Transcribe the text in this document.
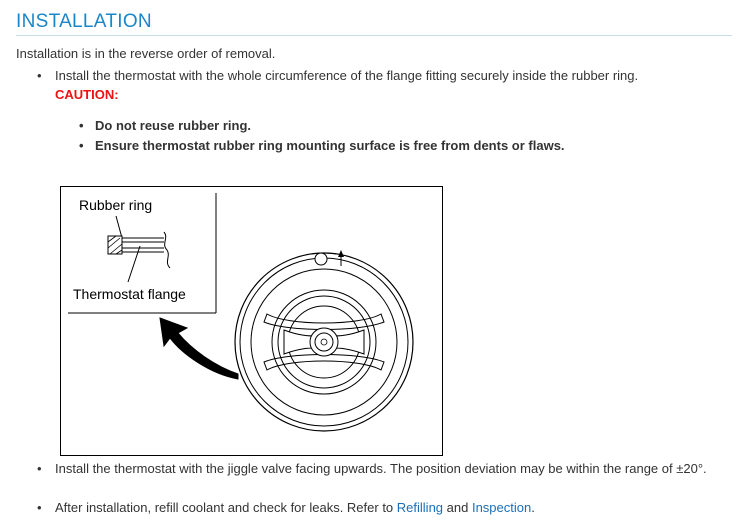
INSTALLATION
Installation is in the reverse order of removal.
• Install the thermostat with the whole circumference of the flange fitting securely inside the rubber ring.
CAUTION:
• Do not reuse rubber ring.
• Ensure thermostat rubber ring mounting surface is free from dents or flaws.
Rubber ring
Thermostat flange
• Install the thermostat with the jiggle valve facing upwards. The position deviation may be within the range of ±20°.
• After installation, refill coolant and check for leaks. Refer to Refilling and Inspection.
